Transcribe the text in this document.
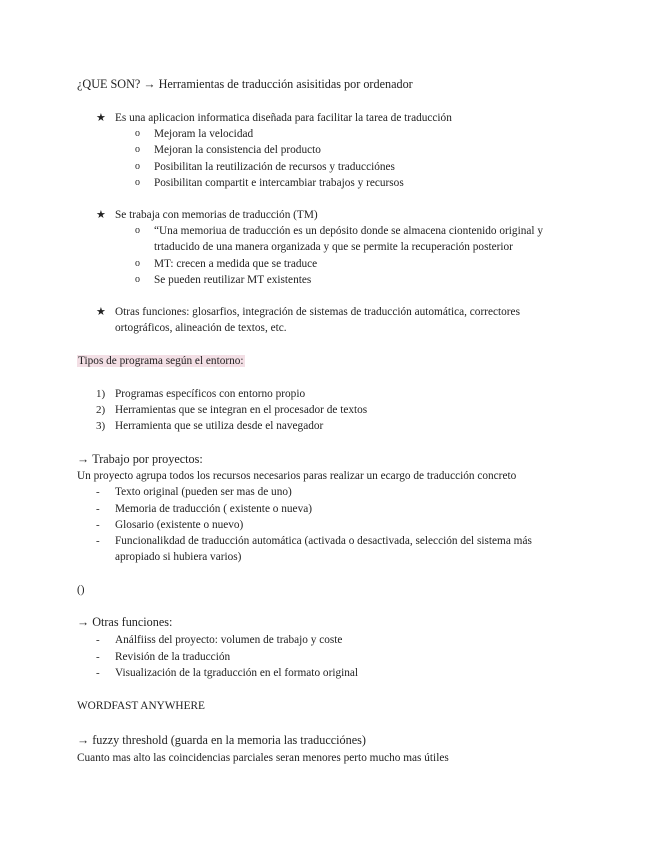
¿QUE SON? → Herramientas de traducción asisitidas por ordenador
★ Es una aplicacion informatica diseñada para facilitar la tarea de traducción
o Mejoram la velocidad
o Mejoran la consistencia del producto
o Posibilitan la reutilización de recursos y traducciónes
o Posibilitan compartit e intercambiar trabajos y recursos
★ Se trabaja con memorias de traducción (TM)
o “Una memoriua de traducción es un depósito donde se almacena ciontenido original y
trtaducido de una manera organizada y que se permite la recuperación posterior
o MT: crecen a medida que se traduce
o Se pueden reutilizar MT existentes
★ Otras funciones: glosarfios, integración de sistemas de traducción automática, correctores
ortográficos, alineación de textos, etc.
Tipos de programa según el entorno:
1) Programas específicos con entorno propio
2) Herramientas que se integran en el procesador de textos
3) Herramienta que se utiliza desde el navegador
→ Trabajo por proyectos:
Un proyecto agrupa todos los recursos necesarios paras realizar un ecargo de traducción concreto
- Texto original (pueden ser mas de uno)
- Memoria de traducción ( existente o nueva)
- Glosario (existente o nuevo)
- Funcionalikdad de traducción automática (activada o desactivada, selección del sistema más
apropiado si hubiera varios)
()
→ Otras funciones:
- Análfiiss del proyecto: volumen de trabajo y coste
- Revisión de la traducción
- Visualización de la tgraducción en el formato original
WORDFAST ANYWHERE
→ fuzzy threshold (guarda en la memoria las traducciónes)
Cuanto mas alto las coincidencias parciales seran menores perto mucho mas útiles
